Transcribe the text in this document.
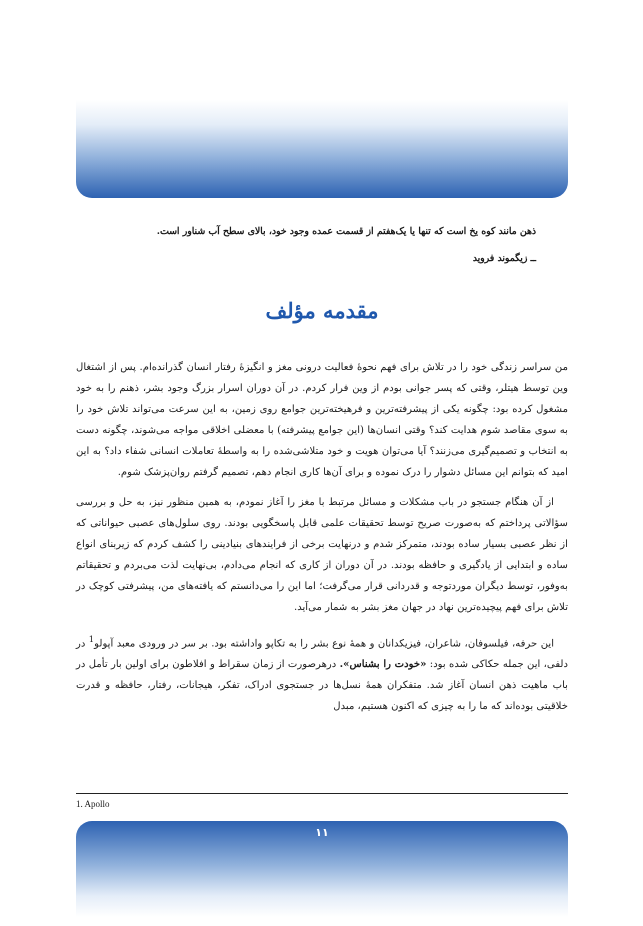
ذهن مانند کوه یخ است که تنها یا یک‌هفتم از قسمت عمده وجود خود، بالای سطح آب شناور است.
ــ زیگموند فروید
مقدمه مؤلف

من سراسر زندگی خود را در تلاش برای فهم نحوهٔ فعالیت درونی مغز و انگیزهٔ رفتار انسان گذرانده‌ام. پس از اشتغال وین توسط هیتلر، وقتی که پسر جوانی بودم از وین فرار کردم. در آن دوران اسرار بزرگ وجود بشر، ذهنم را به خود مشغول کرده بود: چگونه یکی از پیشرفته‌ترین و فرهیخته‌ترین جوامع روی زمین، به این سرعت می‌تواند تلاش خود را به سوی مقاصد شوم هدایت کند؟ وقتی انسان‌ها (این جوامع پیشرفته) با معضلی اخلاقی مواجه می‌شوند، چگونه دست به انتخاب و تصمیم‌گیری می‌زنند؟ آیا می‌توان هویت و خود متلاشی‌شده را به واسطهٔ تعاملات انسانی شفاء داد؟ به این امید که بتوانم این مسائل دشوار را درک نموده و برای آن‌ها کاری انجام دهم، تصمیم گرفتم روان‌پزشک شوم.

از آن هنگام جستجو در باب مشکلات و مسائل مرتبط با مغز را آغاز نمودم، به همین منظور نیز، به حل و بررسی سؤالاتی پرداختم که به‌صورت صریح توسط تحقیقات علمی قابل پاسخگویی بودند. روی سلول‌های عصبی حیواناتی که از نظر عصبی بسیار ساده بودند، متمرکز شدم و درنهایت برخی از فرایندهای بنیادینی را کشف کردم که زیربنای انواع ساده و ابتدایی از یادگیری و حافظه بودند. در آن دوران از کاری که انجام می‌دادم، بی‌نهایت لذت می‌بردم و تحقیقاتم به‌وفور، توسط دیگران موردتوجه و قدردانی قرار می‌گرفت؛ اما این را می‌دانستم که یافته‌های من، پیشرفتی کوچک در تلاش برای فهم پیچیده‌ترین نهاد در جهان مغز بشر به شمار می‌آید.

این حرفه، فیلسوفان، شاعران، فیزیکدانان و همهٔ نوع بشر را به تکاپو واداشته بود. بر سر در ورودی معبد آپولو$^1$ در دلفی، این جمله حکاکی شده بود: «خودت را بشناس». درهرصورت از زمان سقراط و افلاطون برای اولین بار تأمل در باب ماهیت ذهن انسان آغاز شد. متفکران همهٔ نسل‌ها در جستجوی ادراک، تفکر، هیجانات، رفتار، حافظه و قدرت خلاقیتی بوده‌اند که ما را به چیزی که اکنون هستیم، مبدل

1. Apollo
۱۱
